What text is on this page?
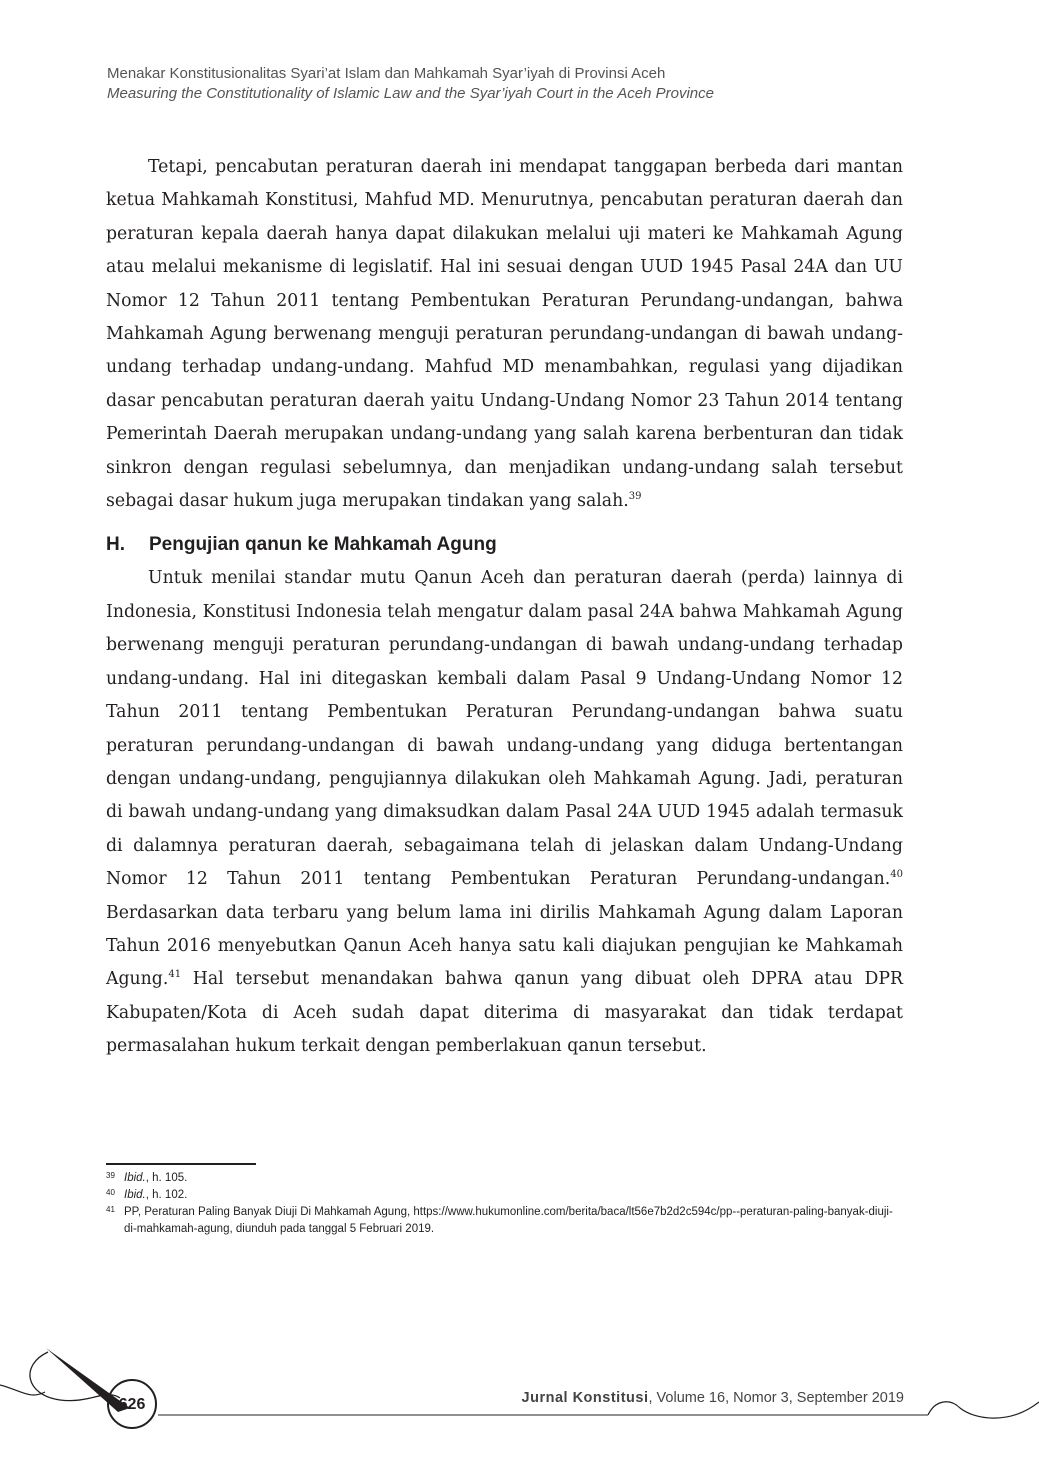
Menakar Konstitusionalitas Syari’at Islam dan Mahkamah Syar’iyah di Provinsi Aceh
Measuring the Constitutionality of Islamic Law and the Syar’iyah Court in the Aceh Province

Tetapi, pencabutan peraturan daerah ini mendapat tanggapan berbeda dari mantan ketua Mahkamah Konstitusi, Mahfud MD. Menurutnya, pencabutan peraturan daerah dan peraturan kepala daerah hanya dapat dilakukan melalui uji materi ke Mahkamah Agung atau melalui mekanisme di legislatif. Hal ini sesuai dengan UUD 1945 Pasal 24A dan UU Nomor 12 Tahun 2011 tentang Pembentukan Peraturan Perundang-undangan, bahwa Mahkamah Agung berwenang menguji peraturan perundang-undangan di bawah undang-undang terhadap undang-undang. Mahfud MD menambahkan, regulasi yang dijadikan dasar pencabutan peraturan daerah yaitu Undang-Undang Nomor 23 Tahun 2014 tentang Pemerintah Daerah merupakan undang-undang yang salah karena berbenturan dan tidak sinkron dengan regulasi sebelumnya, dan menjadikan undang-undang salah tersebut sebagai dasar hukum juga merupakan tindakan yang salah.$^{39}$

H. Pengujian qanun ke Mahkamah Agung

Untuk menilai standar mutu Qanun Aceh dan peraturan daerah (perda) lainnya di Indonesia, Konstitusi Indonesia telah mengatur dalam pasal 24A bahwa Mahkamah Agung berwenang menguji peraturan perundang-undangan di bawah undang-undang terhadap undang-undang. Hal ini ditegaskan kembali dalam Pasal 9 Undang-Undang Nomor 12 Tahun 2011 tentang Pembentukan Peraturan Perundang-undangan bahwa suatu peraturan perundang-undangan di bawah undang-undang yang diduga bertentangan dengan undang-undang, pengujiannya dilakukan oleh Mahkamah Agung. Jadi, peraturan di bawah undang-undang yang dimaksudkan dalam Pasal 24A UUD 1945 adalah termasuk di dalamnya peraturan daerah, sebagaimana telah di jelaskan dalam Undang-Undang Nomor 12 Tahun 2011 tentang Pembentukan Peraturan Perundang-undangan.$^{40}$ Berdasarkan data terbaru yang belum lama ini dirilis Mahkamah Agung dalam Laporan Tahun 2016 menyebutkan Qanun Aceh hanya satu kali diajukan pengujian ke Mahkamah Agung.$^{41}$ Hal tersebut menandakan bahwa qanun yang dibuat oleh DPRA atau DPR Kabupaten/Kota di Aceh sudah dapat diterima di masyarakat dan tidak terdapat permasalahan hukum terkait dengan pemberlakuan qanun tersebut.

39 Ibid., h. 105.
40 Ibid., h. 102.
41 PP, Peraturan Paling Banyak Diuji Di Mahkamah Agung, https://www.hukumonline.com/berita/baca/lt56e7b2d2c594c/pp--peraturan-paling-banyak-diuji-di-mahkamah-agung, diunduh pada tanggal 5 Februari 2019.
626	Jurnal Konstitusi, Volume 16, Nomor 3, September 2019
